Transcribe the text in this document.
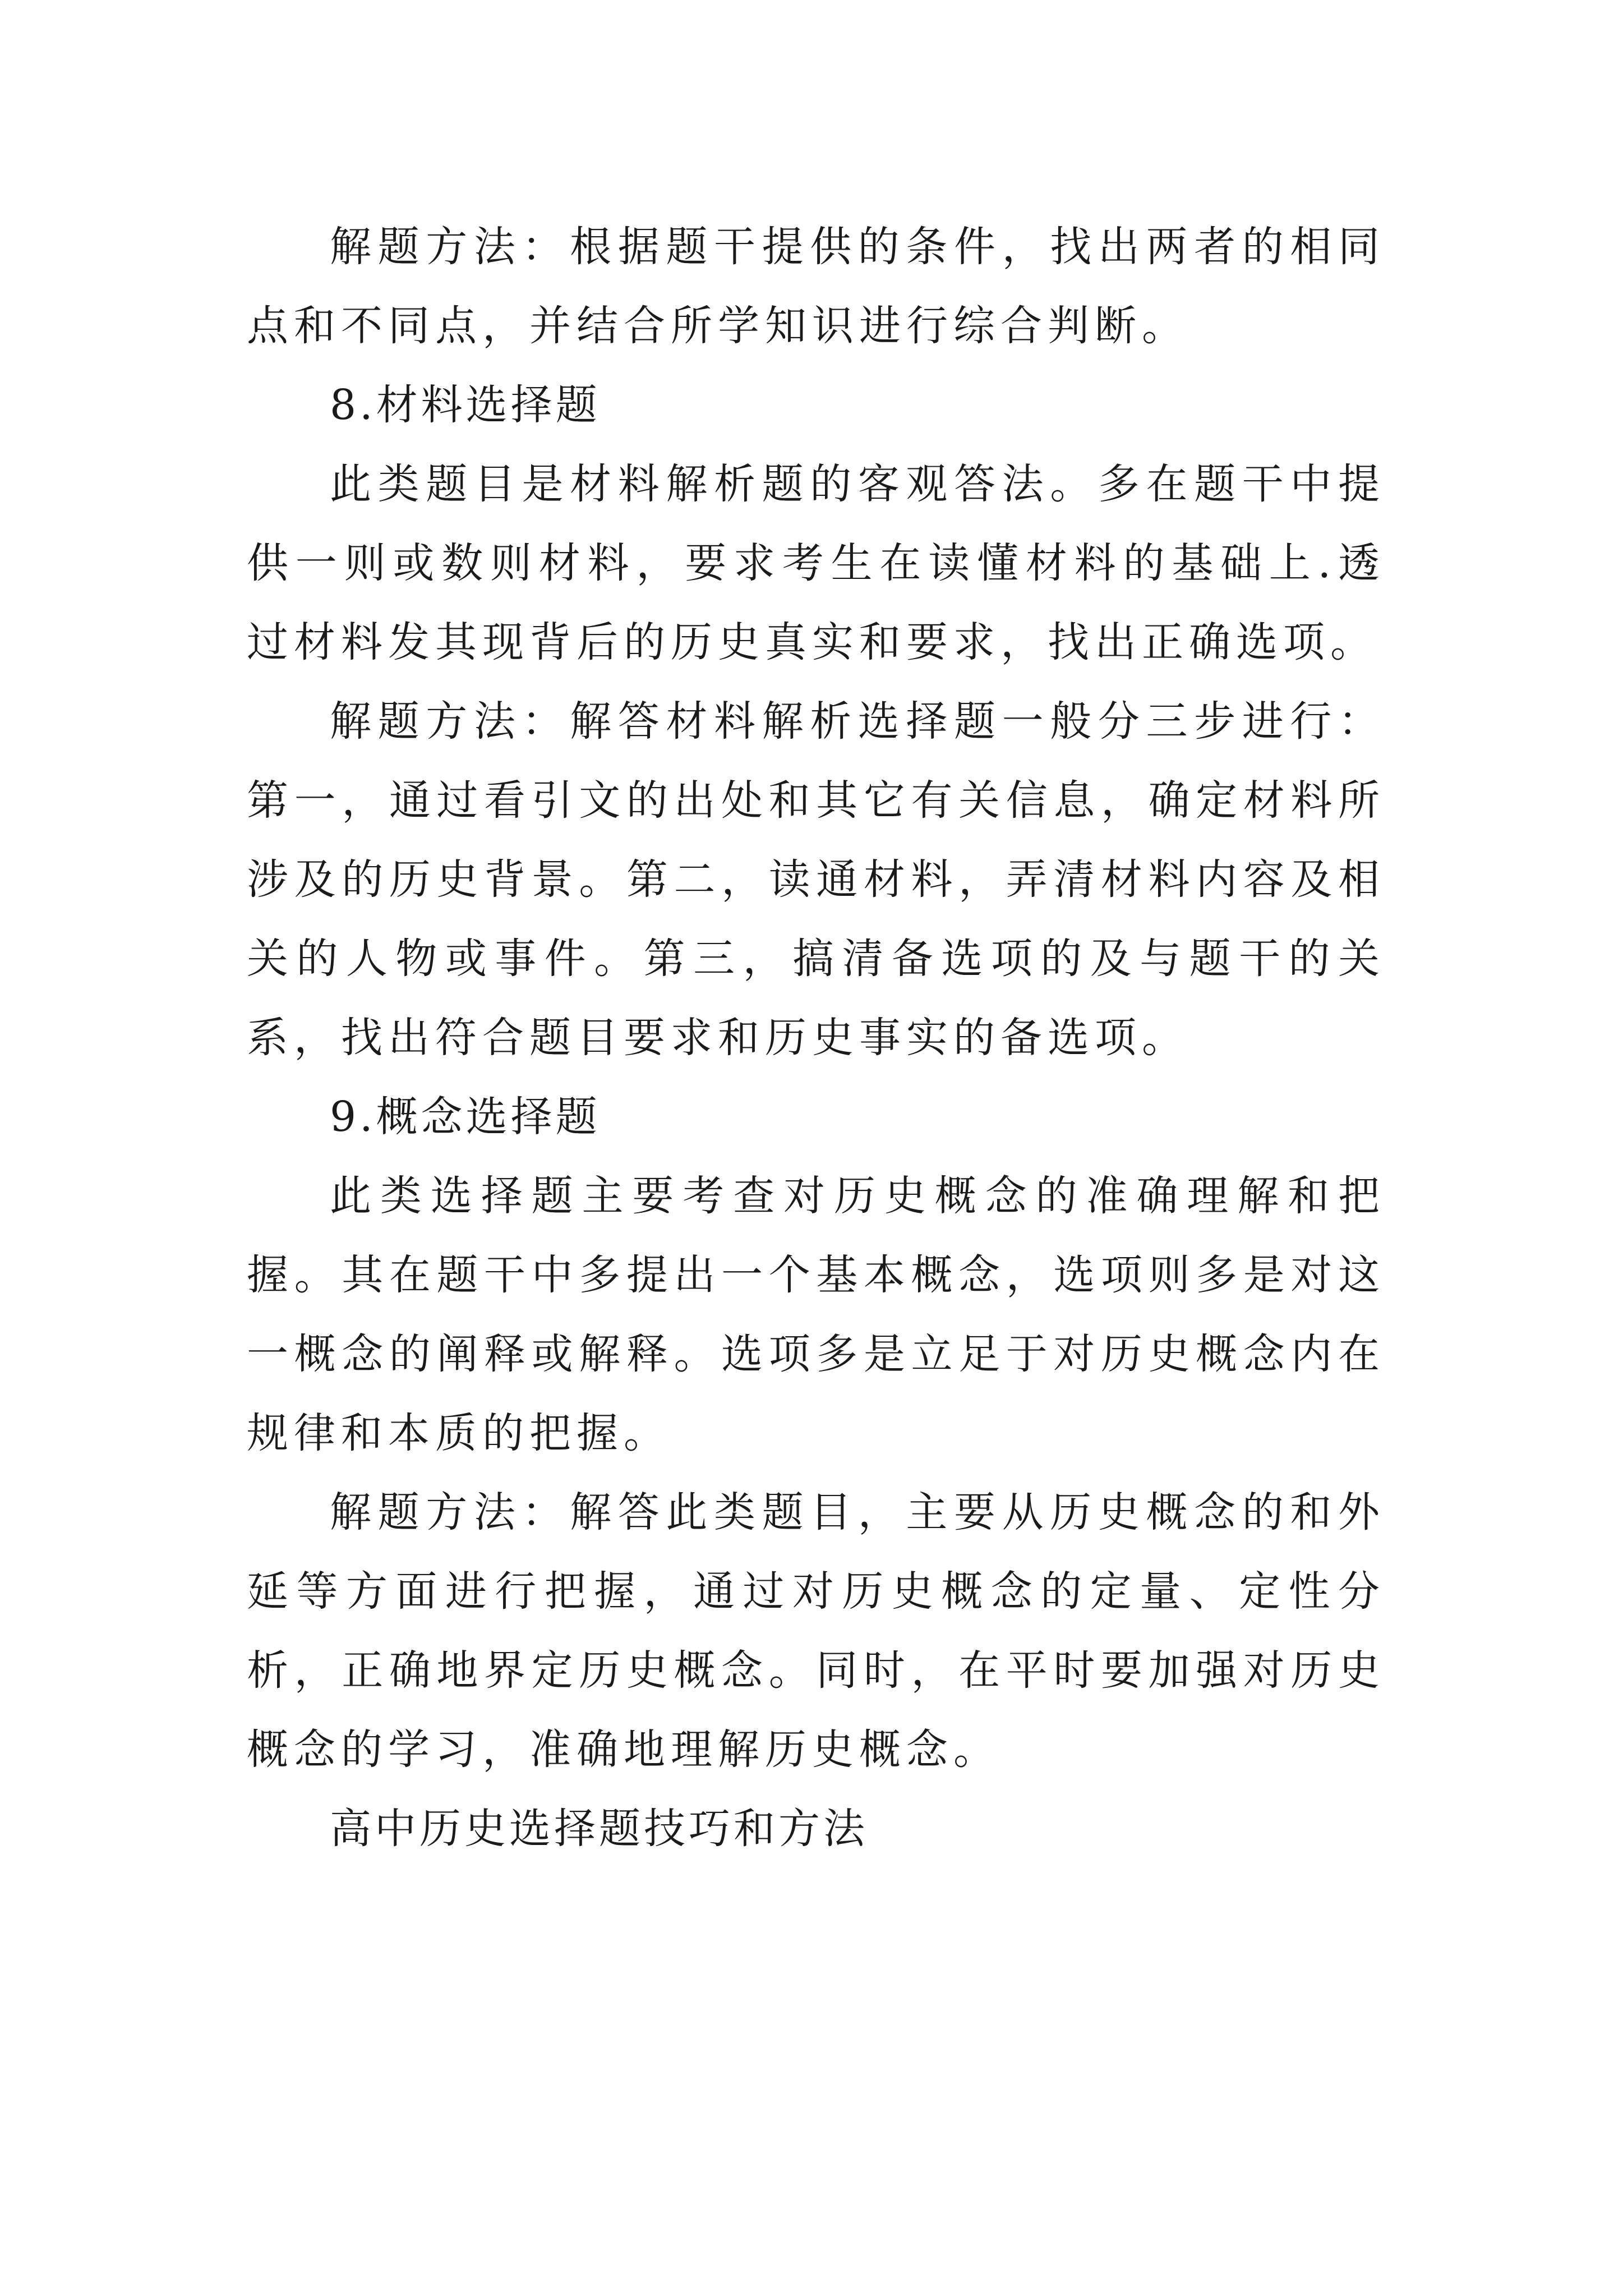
解题方法：根据题干提供的条件，找出两者的相同点和不同点，并结合所学知识进行综合判断。

8.材料选择题

此类题目是材料解析题的客观答法。多在题干中提供一则或数则材料，要求考生在读懂材料的基础上.透过材料发其现背后的历史真实和要求，找出正确选项。

解题方法：解答材料解析选择题一般分三步进行：第一，通过看引文的出处和其它有关信息，确定材料所涉及的历史背景。第二，读通材料，弄清材料内容及相关的人物或事件。第三，搞清备选项的及与题干的关系，找出符合题目要求和历史事实的备选项。

9.概念选择题

此类选择题主要考查对历史概念的准确理解和把握。其在题干中多提出一个基本概念，选项则多是对这一概念的阐释或解释。选项多是立足于对历史概念内在规律和本质的把握。

解题方法：解答此类题目，主要从历史概念的和外延等方面进行把握，通过对历史概念的定量、定性分析，正确地界定历史概念。同时，在平时要加强对历史概念的学习，准确地理解历史概念。

高中历史选择题技巧和方法
